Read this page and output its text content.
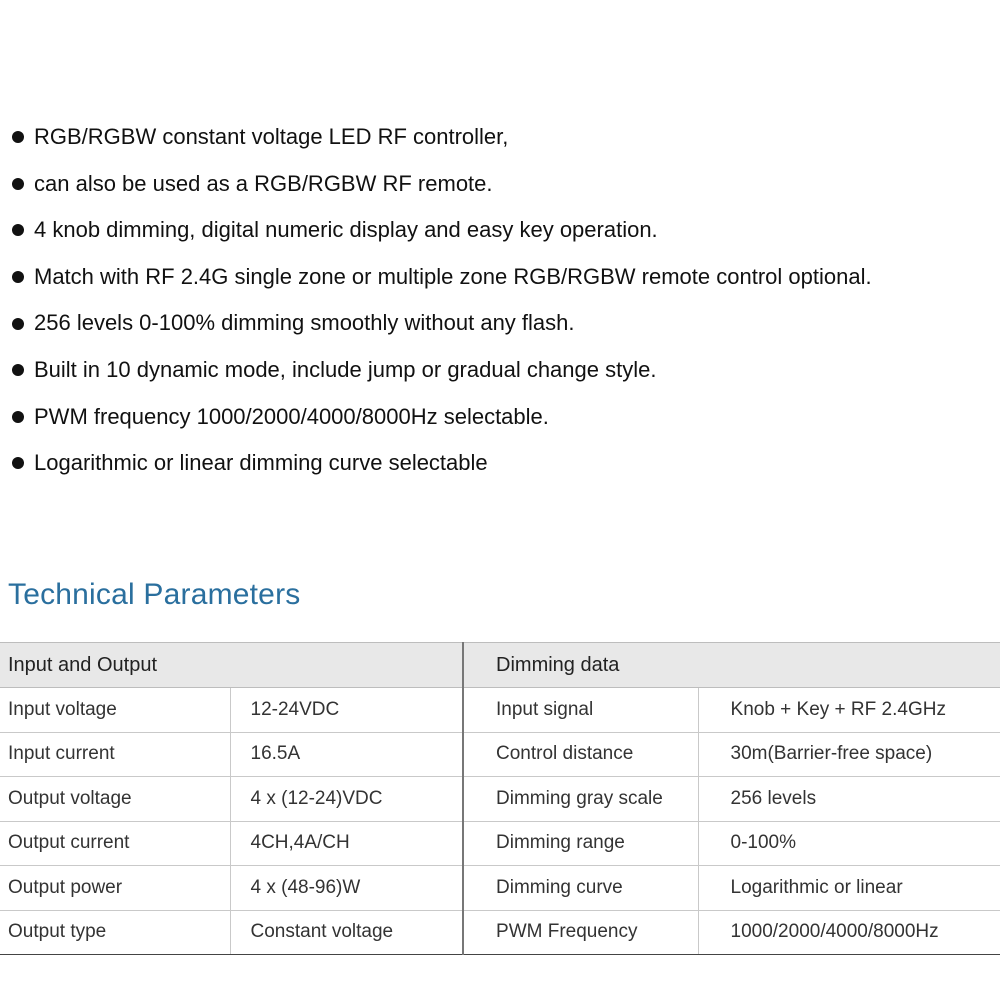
RGB/RGBW constant voltage LED RF controller,
can also be used as a RGB/RGBW RF remote.
4 knob dimming, digital numeric display and easy key operation.
Match with RF 2.4G single zone or multiple zone RGB/RGBW remote control optional.
256 levels 0-100% dimming smoothly without any flash.
Built in 10 dynamic mode, include jump or gradual change style.
PWM frequency 1000/2000/4000/8000Hz selectable.
Logarithmic or linear dimming curve selectable
Technical Parameters
Input and Output		Dimming data	
Input voltage	12-24VDC	Input signal	Knob + Key + RF 2.4GHz
Input current	16.5A	Control distance	30m(Barrier-free space)
Output voltage	4 x (12-24)VDC	Dimming gray scale	256 levels
Output current	4CH,4A/CH	Dimming range	0-100%
Output power	4 x (48-96)W	Dimming curve	Logarithmic or linear
Output type	Constant voltage	PWM Frequency	1000/2000/4000/8000Hz
